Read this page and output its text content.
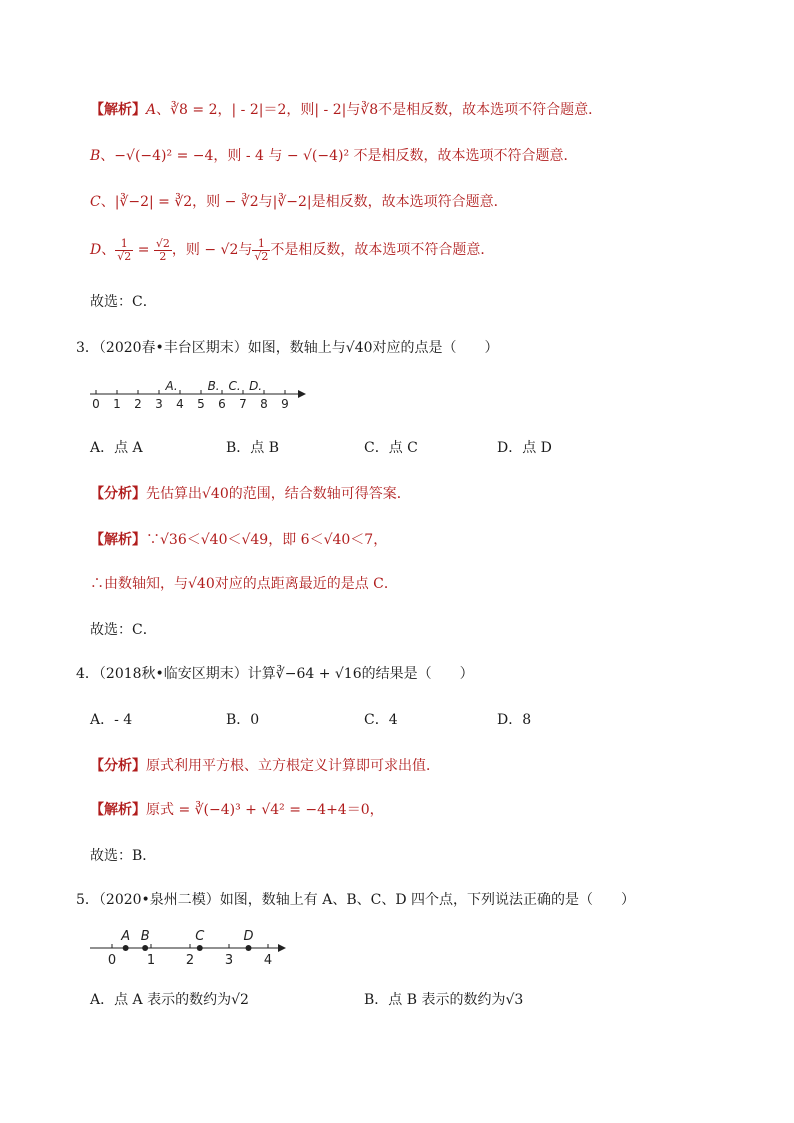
【解析】A、∛8 = 2，| - 2|＝2，则| - 2|与∛8不是相反数，故本选项不符合题意．
B、−√(−4)² = −4，则 - 4 与 − √(−4)² 不是相反数，故本选项不符合题意．
C、|∛−2| = ∛2，则 − ∛2与|∛−2|是相反数，故本选项符合题意．
D、 $\frac{1}{√2} = \frac{√2}{2}$ ，则 − √2与 $\frac{1}{√2}$ 不是相反数，故本选项不符合题意．
故选：C．
3．（2020春•丰台区期末）如图，数轴上与√40对应的点是（　　）
0 1 2 3 4 5 6 7 8 9
A. B. C. D.
A．点 A	B．点 B	C．点 C	D．点 D
【分析】先估算出√40的范围，结合数轴可得答案．
【解析】∵√36＜√40＜√49，即 6＜√40＜7，
∴由数轴知，与√40对应的点距离最近的是点 C．
故选：C．
4．（2018秋•临安区期末）计算∛−64 + √16的结果是（　　）
A．- 4	B．0	C．4	D．8
【分析】原式利用平方根、立方根定义计算即可求出值．
【解析】原式 = ∛(−4)³ + √4² = −4+4＝0，
故选：B．
5．（2020•泉州二模）如图，数轴上有 A、B、C、D 四个点，下列说法正确的是（　　）
0 1 2 3 4
A B	C	D
A．点 A 表示的数约为√2	B．点 B 表示的数约为√3
